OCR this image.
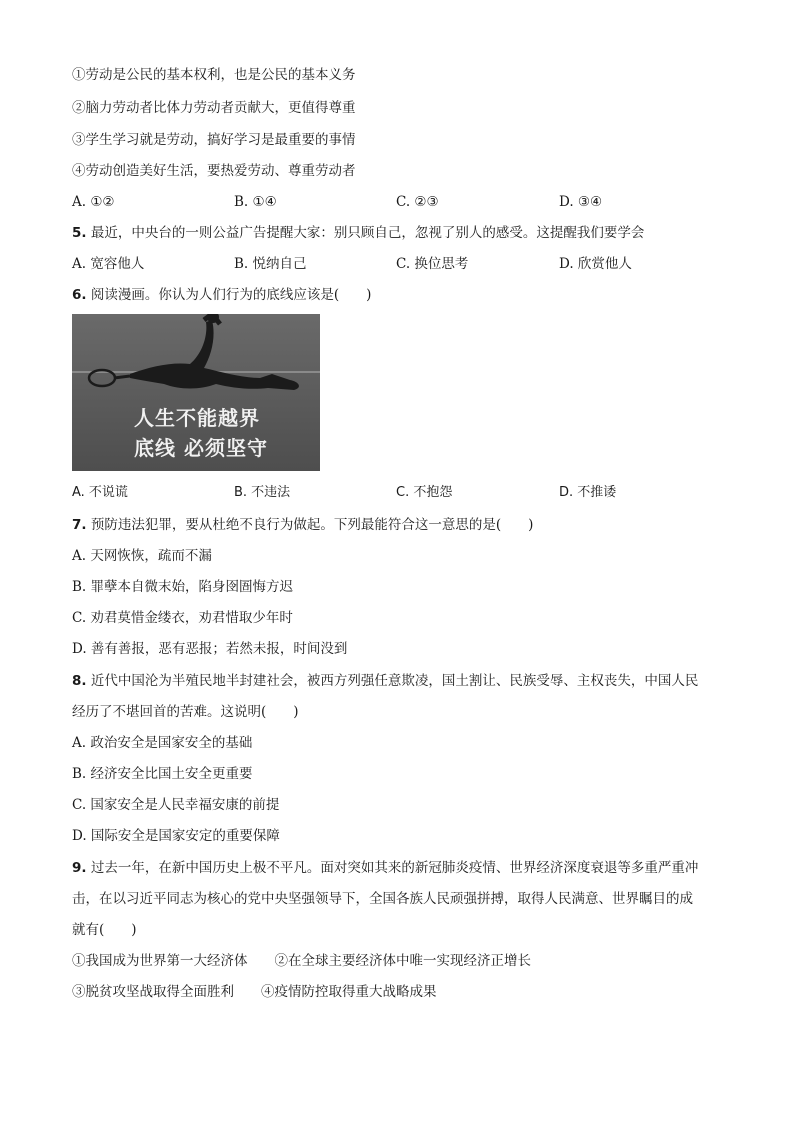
①劳动是公民的基本权利，也是公民的基本义务
②脑力劳动者比体力劳动者贡献大，更值得尊重
③学生学习就是劳动，搞好学习是最重要的事情
④劳动创造美好生活，要热爱劳动、尊重劳动者
A. ①②	B. ①④	C. ②③	D. ③④
5. 最近，中央台的一则公益广告提醒大家：别只顾自己，忽视了别人的感受。这提醒我们要学会
A. 宽容他人	B. 悦纳自己	C. 换位思考	D. 欣赏他人
6. 阅读漫画。你认为人们行为的底线应该是(　　)
人生不能越界
底线 必须坚守
A. 不说谎	B. 不违法	C. 不抱怨	D. 不推诿
7. 预防违法犯罪，要从杜绝不良行为做起。下列最能符合这一意思的是(　　)
A. 天网恢恢，疏而不漏
B. 罪孽本自微末始，陷身囹圄悔方迟
C. 劝君莫惜金缕衣，劝君惜取少年时
D. 善有善报，恶有恶报；若然未报，时间没到
8. 近代中国沦为半殖民地半封建社会，被西方列强任意欺凌，国土割让、民族受辱、主权丧失，中国人民
经历了不堪回首的苦难。这说明(　　)
A. 政治安全是国家安全的基础
B. 经济安全比国土安全更重要
C. 国家安全是人民幸福安康的前提
D. 国际安全是国家安定的重要保障
9. 过去一年，在新中国历史上极不平凡。面对突如其来的新冠肺炎疫情、世界经济深度衰退等多重严重冲
击，在以习近平同志为核心的党中央坚强领导下，全国各族人民顽强拼搏，取得人民满意、世界瞩目的成
就有(　　)
①我国成为世界第一大经济体　　②在全球主要经济体中唯一实现经济正增长
③脱贫攻坚战取得全面胜利　　④疫情防控取得重大战略成果
